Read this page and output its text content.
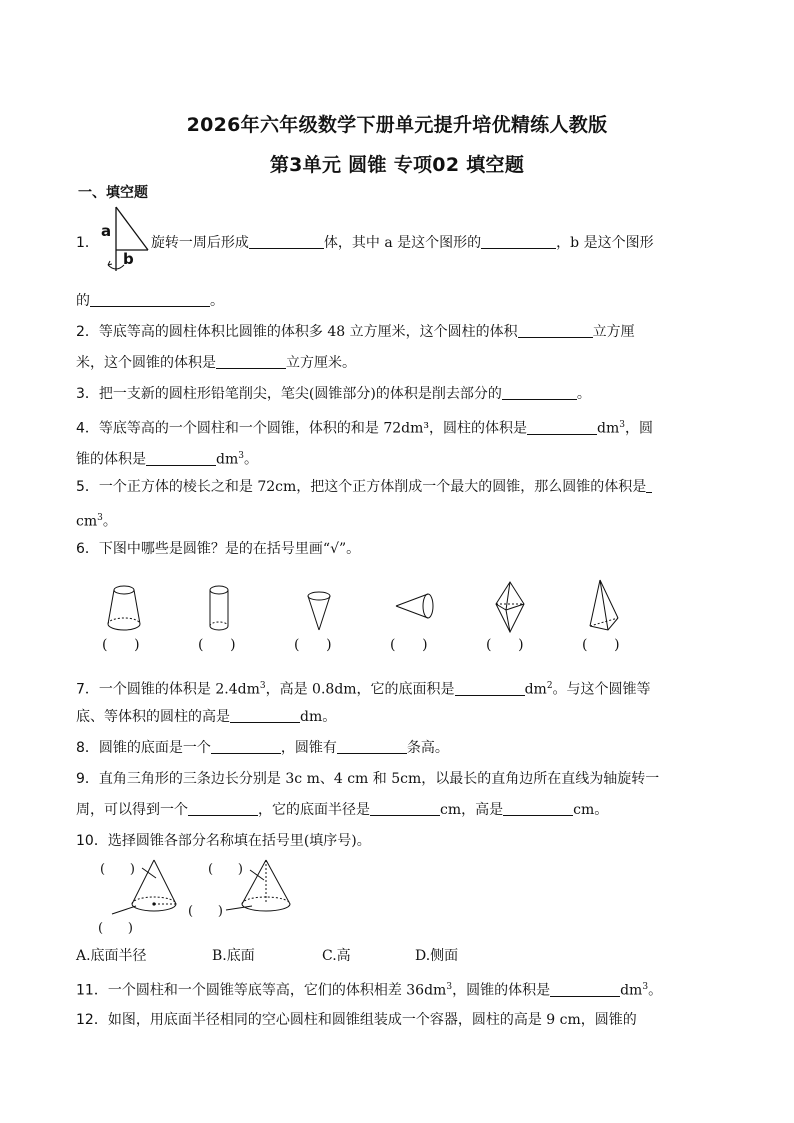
2026年六年级数学下册单元提升培优精练人教版
第3单元 圆锥 专项02 填空题
一、填空题
a
b
1．	旋转一周后形成	体，其中 a 是这个图形的	，b 是这个图形
的	。
2．等底等高的圆柱体积比圆锥的体积多 48 立方厘米，这个圆柱的体积	立方厘
米，这个圆锥的体积是	立方厘米。
3．把一支新的圆柱形铅笔削尖，笔尖(圆锥部分)的体积是削去部分的	。
4．等底等高的一个圆柱和一个圆锥，体积的和是 72dm³，圆柱的体积是	$dm^3$，圆
锥的体积是	$dm^3$。
5．一个正方体的棱长之和是 72cm，把这个正方体削成一个最大的圆锥，那么圆锥的体积是
$cm^3$。
6．下图中哪些是圆锥？是的在括号里画“√”。
(      )	(      )	(      )	(      )	(      )	(      )
7．一个圆锥的体积是 $2.4dm^3$，高是 0.8dm，它的底面积是	$dm^2$。与这个圆锥等
底、等体积的圆柱的高是	dm。
8．圆锥的底面是一个	，圆锥有	条高。
9．直角三角形的三条边长分别是 3c m、4 cm 和 5cm，以最长的直角边所在直线为轴旋转一
周，可以得到一个	，它的底面半径是	cm，高是	cm。
10．选择圆锥各部分名称填在括号里(填序号)。
(      )	(      )
(      )
(      )
A.底面半径	B.底面	C.高	D.侧面
11．一个圆柱和一个圆锥等底等高，它们的体积相差 $36dm^3$，圆锥的体积是	$dm^3$。
12．如图，用底面半径相同的空心圆柱和圆锥组装成一个容器，圆柱的高是 9 cm，圆锥的
